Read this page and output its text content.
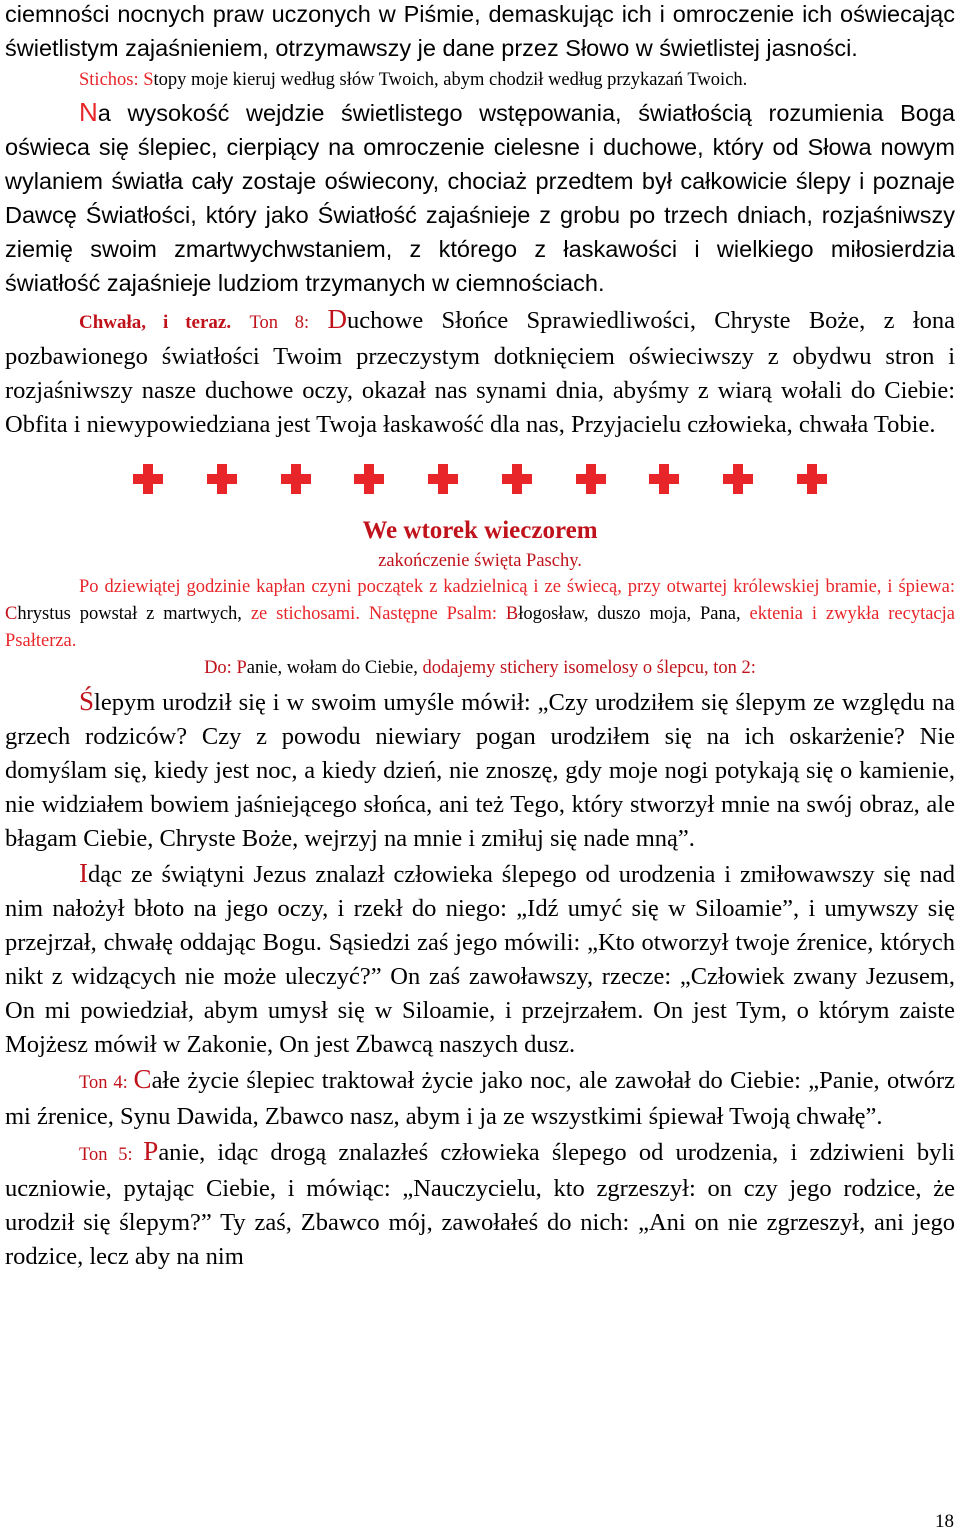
ciemności nocnych praw uczonych w Piśmie, demaskując ich i omroczenie ich oświecając świetlistym zajaśnieniem, otrzymawszy je dane przez Słowo w świetlistej jasności.

Stichos: Stopy moje kieruj według słów Twoich, abym chodził według przykazań Twoich.

Na wysokość wejdzie świetlistego wstępowania, światłością rozumienia Boga oświeca się ślepiec, cierpiący na omroczenie cielesne i duchowe, który od Słowa nowym wylaniem światła cały zostaje oświecony, chociaż przedtem był całkowicie ślepy i poznaje Dawcę Światłości, który jako Światłość zajaśnieje z grobu po trzech dniach, rozjaśniwszy ziemię swoim zmartwychwstaniem, z którego z łaskawości i wielkiego miłosierdzia światłość zajaśnieje ludziom trzymanych w ciemnościach.

Chwała, i teraz. Ton 8: Duchowe Słońce Sprawiedliwości, Chryste Boże, z łona pozbawionego światłości Twoim przeczystym dotknięciem oświeciwszy z obydwu stron i rozjaśniwszy nasze duchowe oczy, okazał nas synami dnia, abyśmy z wiarą wołali do Ciebie: Obfita i niewypowiedziana jest Twoja łaskawość dla nas, Przyjacielu człowieka, chwała Tobie.

We wtorek wieczorem
zakończenie święta Paschy.

Po dziewiątej godzinie kapłan czyni początek z kadzielnicą i ze świecą, przy otwartej królewskiej bramie, i śpiewa: Chrystus powstał z martwych, ze stichosami. Następne Psalm: Błogosław, duszo moja, Pana, ektenia i zwykła recytacja Psałterza.

Do: Panie, wołam do Ciebie, dodajemy stichery isomelosy o ślepcu, ton 2:

Ślepym urodził się i w swoim umyśle mówił: „Czy urodziłem się ślepym ze względu na grzech rodziców? Czy z powodu niewiary pogan urodziłem się na ich oskarżenie? Nie domyślam się, kiedy jest noc, a kiedy dzień, nie znoszę, gdy moje nogi potykają się o kamienie, nie widziałem bowiem jaśniejącego słońca, ani też Tego, który stworzył mnie na swój obraz, ale błagam Ciebie, Chryste Boże, wejrzyj na mnie i zmiłuj się nade mną”.

Idąc ze świątyni Jezus znalazł człowieka ślepego od urodzenia i zmiłowawszy się nad nim nałożył błoto na jego oczy, i rzekł do niego: „Idź umyć się w Siloamie”, i umywszy się przejrzał, chwałę oddając Bogu. Sąsiedzi zaś jego mówili: „Kto otworzył twoje źrenice, których nikt z widzących nie może uleczyć?” On zaś zawoławszy, rzecze: „Człowiek zwany Jezusem, On mi powiedział, abym umysł się w Siloamie, i przejrzałem. On jest Tym, o którym zaiste Mojżesz mówił w Zakonie, On jest Zbawcą naszych dusz.

Ton 4: Całe życie ślepiec traktował życie jako noc, ale zawołał do Ciebie: „Panie, otwórz mi źrenice, Synu Dawida, Zbawco nasz, abym i ja ze wszystkimi śpiewał Twoją chwałę”.

Ton 5: Panie, idąc drogą znalazłeś człowieka ślepego od urodzenia, i zdziwieni byli uczniowie, pytając Ciebie, i mówiąc: „Nauczycielu, kto zgrzeszył: on czy jego rodzice, że urodził się ślepym?” Ty zaś, Zbawco mój, zawołałeś do nich: „Ani on nie zgrzeszył, ani jego rodzice, lecz aby na nim

18
